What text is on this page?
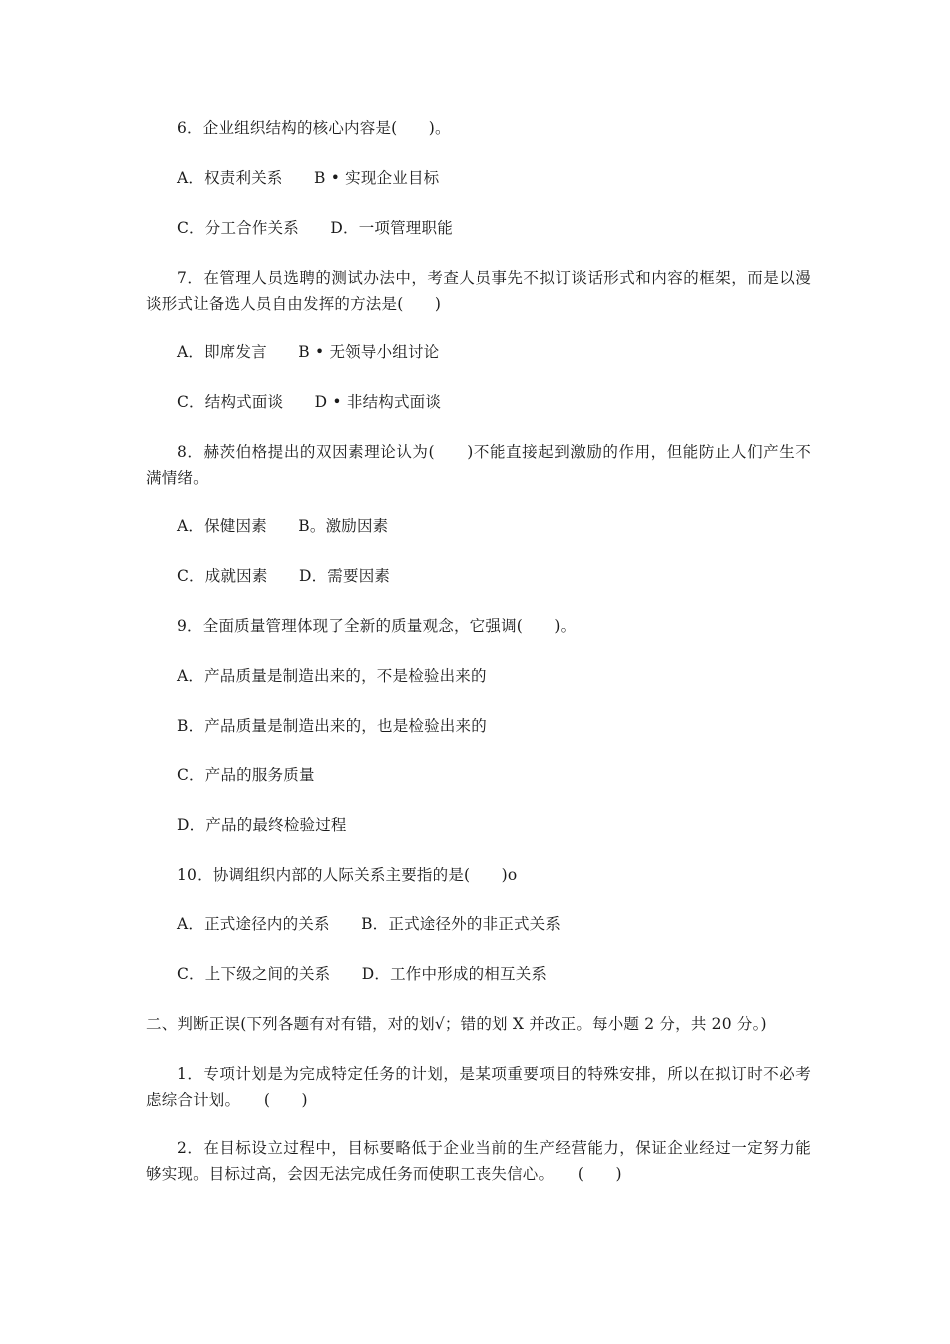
6．企业组织结构的核心内容是(　　)。
A．权责利关系　　B • 实现企业目标
C．分工合作关系　　D．一项管理职能
7．在管理人员选聘的测试办法中，考查人员事先不拟订谈话形式和内容的框架，而是以漫谈形式让备选人员自由发挥的方法是(　　)
A．即席发言　　B • 无领导小组讨论
C．结构式面谈　　D • 非结构式面谈
8．赫茨伯格提出的双因素理论认为(　　)不能直接起到激励的作用，但能防止人们产生不满情绪。
A．保健因素　　B。激励因素
C．成就因素　　D．需要因素
9．全面质量管理体现了全新的质量观念，它强调(　　)。
A．产品质量是制造出来的，不是检验出来的
B．产品质量是制造出来的，也是检验出来的
C．产品的服务质量
D．产品的最终检验过程
10．协调组织内部的人际关系主要指的是(　　)o
A．正式途径内的关系　　B．正式途径外的非正式关系
C．上下级之间的关系　　D．工作中形成的相互关系
二、判断正误(下列各题有对有错，对的划√；错的划 X 并改正。每小题 2 分，共 20 分。)
1．专项计划是为完成特定任务的计划，是某项重要项目的特殊安排，所以在拟订时不必考虑综合计划。　　(　　)
2．在目标设立过程中，目标要略低于企业当前的生产经营能力，保证企业经过一定努力能够实现。目标过高，会因无法完成任务而使职工丧失信心。　　(　　)
